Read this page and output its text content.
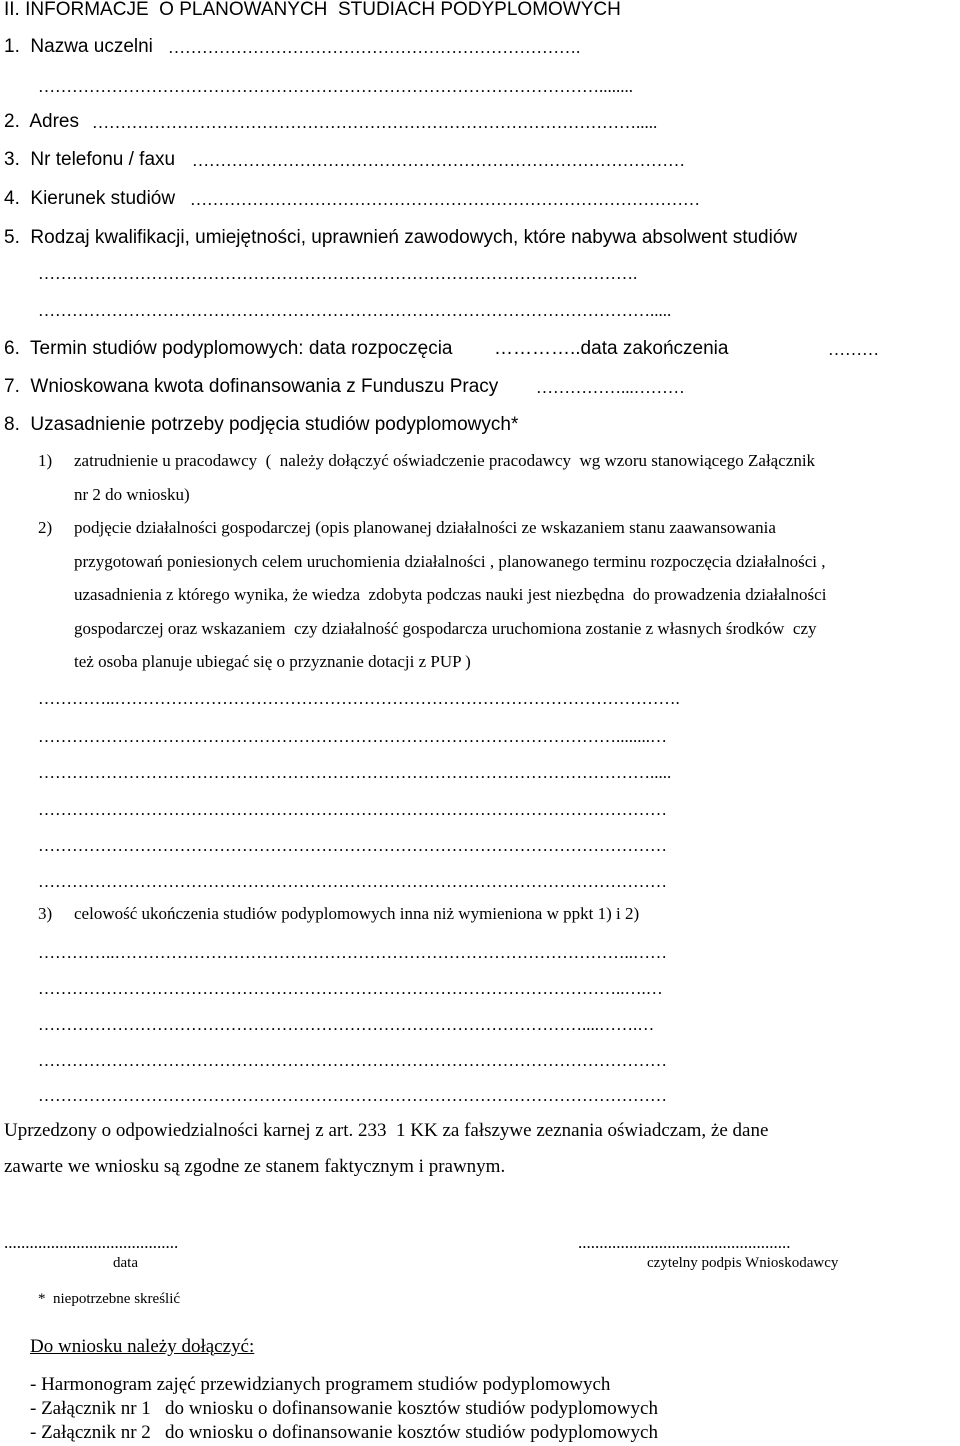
II. INFORMACJE  O PLANOWANYCH  STUDIACH PODYPLOMOWYCH
1.  Nazwa uczelni ……………………………………………………………….
………………………………………………………………………………………........
2.  Adres …………………………………………………………………………………….....
3.  Nr telefonu / faxu ……………………………………………………………………………
4.  Kierunek studiów ………………………………………………………………………………
5.  Rodzaj kwalifikacji, umiejętności, uprawnień zawodowych, które nabywa absolwent studiów
…………………………………………………………………………………………….
……………………………………………………………………………………………….....
6.  Termin studiów podyplomowych: data rozpoczęcia …………..data zakończenia	………
7.  Wnioskowana kwota dofinansowania z Funduszu Pracy ……………...………
8.  Uzasadnienie potrzeby podjęcia studiów podyplomowych*
1) zatrudnienie u pracodawcy  (  należy dołączyć oświadczenie pracodawcy  wg wzoru stanowiącego Załącznik
nr 2 do wniosku)
2) podjęcie działalności gospodarczej (opis planowanej działalności ze wskazaniem stanu zaawansowania
przygotowań poniesionych celem uruchomienia działalności , planowanego terminu rozpoczęcia działalności ,
uzasadnienia z którego wynika, że wiedza  zdobyta podczas nauki jest niezbędna  do prowadzenia działalności
gospodarczej oraz wskazaniem  czy działalność gospodarcza uruchomiona zostanie z własnych środków  czy
też osoba planuje ubiegać się o przyznanie dotacji z PUP )
…………..……………………………………………………………………………………….
…………………………………………………………………………………………........…
……………………………………………………………………………………………….....
…………………………………………………………………………………………………
…………………………………………………………………………………………………
…………………………………………………………………………………………………
3) celowość ukończenia studiów podyplomowych inna niż wymieniona w ppkt 1) i 2)
…………..………………………………………………………………………………..……
…………………………………………………………………………………………..….…
……………………………………………………………………………………....…….…
…………………………………………………………………………………………………
…………………………………………………………………………………………………
Uprzedzony o odpowiedzialności karnej z art. 233  1 KK za fałszywe zeznania oświadczam, że dane
zawarte we wniosku są zgodne ze stanem faktycznym i prawnym.
.........................................
data
..................................................
czytelny podpis Wnioskodawcy
*  niepotrzebne skreślić
Do wniosku należy dołączyć:
- Harmonogram zajęć przewidzianych programem studiów podyplomowych
- Załącznik nr 1   do wniosku o dofinansowanie kosztów studiów podyplomowych
- Załącznik nr 2   do wniosku o dofinansowanie kosztów studiów podyplomowych
